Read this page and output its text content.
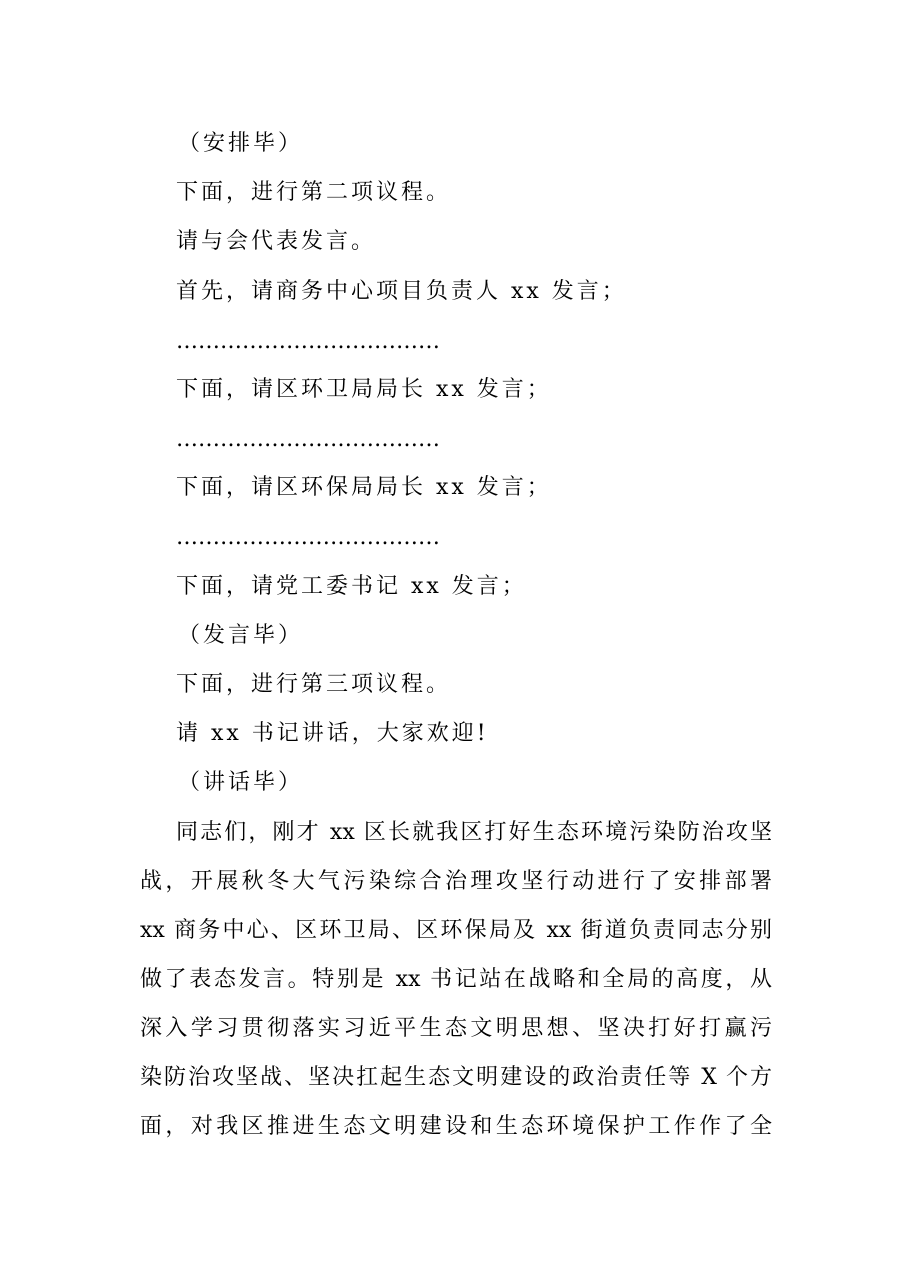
（安排毕）
下面，进行第二项议程。
请与会代表发言。
首先，请商务中心项目负责人 xx 发言；
………………………………
下面，请区环卫局局长 xx 发言；
………………………………
下面，请区环保局局长 xx 发言；
………………………………
下面，请党工委书记 xx 发言；
（发言毕）
下面，进行第三项议程。
请 xx 书记讲话，大家欢迎!
（讲话毕）
同志们，刚才 xx 区长就我区打好生态环境污染防治攻坚
战，开展秋冬大气污染综合治理攻坚行动进行了安排部署
xx 商务中心、区环卫局、区环保局及 xx 街道负责同志分别
做了表态发言。特别是 xx 书记站在战略和全局的高度，从
深入学习贯彻落实习近平生态文明思想、坚决打好打赢污
染防治攻坚战、坚决扛起生态文明建设的政治责任等 X 个方
面，对我区推进生态文明建设和生态环境保护工作作了全
